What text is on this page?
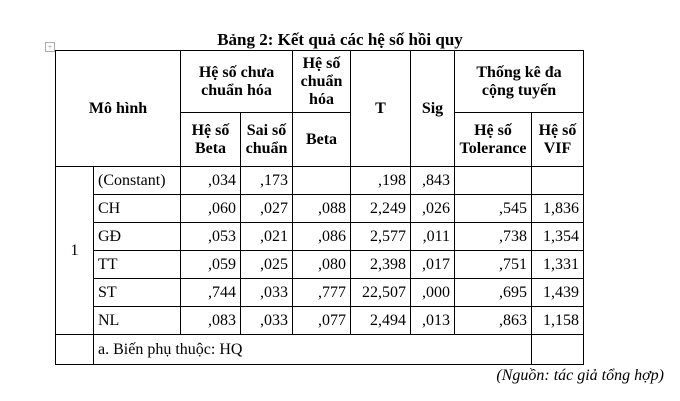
Bảng 2: Kết quả các hệ số hồi quy
+
Mô hình		Hệ số chưa chuẩn hóa		Hệ số chuẩn hóa	T	Sig	Thống kê đa cộng tuyến	
		Hệ số Beta	Sai số chuẩn	Beta			Hệ số Tolerance	Hệ số VIF
1	(Constant)	,034	,173		,198	,843		
	CH	,060	,027	,088	2,249	,026	,545	1,836
	GĐ	,053	,021	,086	2,577	,011	,738	1,354
	TT	,059	,025	,080	2,398	,017	,751	1,331
	ST	,744	,033	,777	22,507	,000	,695	1,439
	NL	,083	,033	,077	2,494	,013	,863	1,158
	a. Biến phụ thuộc: HQ							
(Nguồn: tác giả tổng hợp)
